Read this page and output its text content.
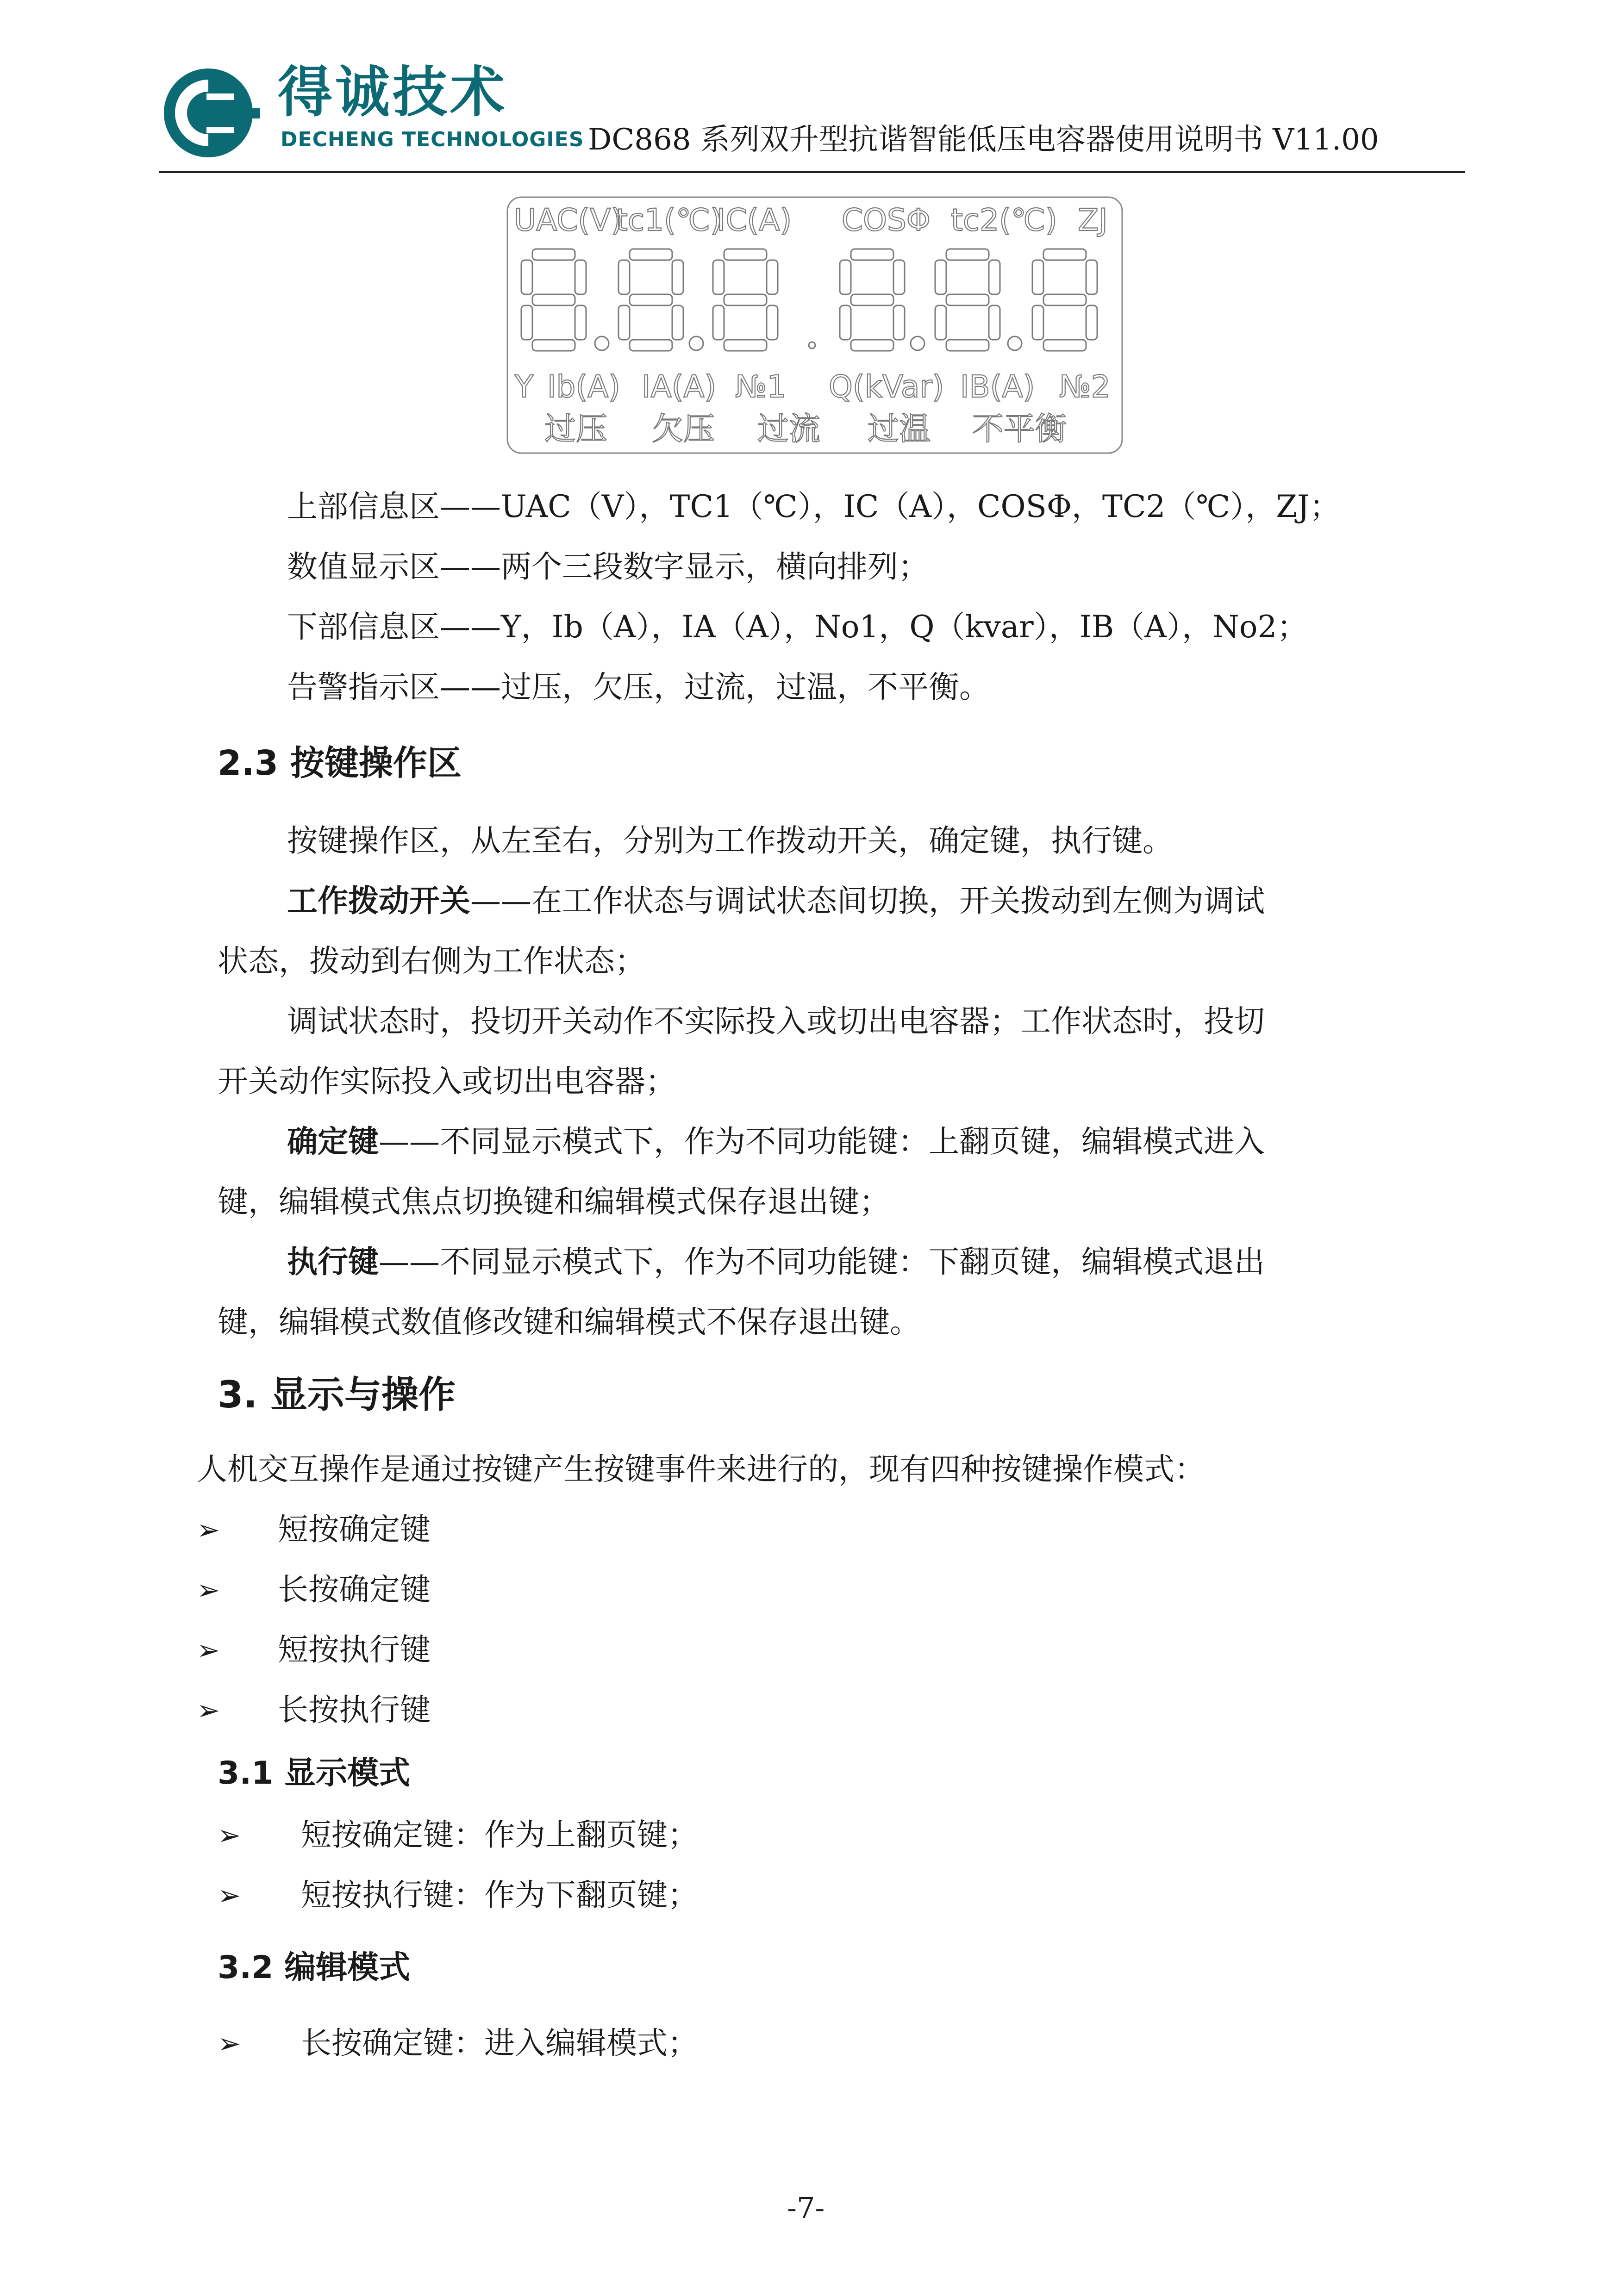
得诚技术
DECHENG TECHNOLOGIES DC868 系列双升型抗谐智能低压电容器使用说明书 V11.00
UAC(V)
tc1(℃)
IC(A) COSΦ tc2(℃) ZJ
Y Ib(A) IA(A) №1 Q(kVar) IB(A) №2
过压 欠压 过流 过温 不平衡
上部信息区——UAC（V），TC1（℃），IC（A），COSΦ，TC2（℃），ZJ；
数值显示区——两个三段数字显示，横向排列；
下部信息区——Y，Ib（A），IA（A），No1，Q（kvar），IB（A），No2；
告警指示区——过压，欠压，过流，过温，不平衡。
2.3 按键操作区
按键操作区，从左至右，分别为工作拨动开关，确定键，执行键。
工作拨动开关——在工作状态与调试状态间切换，开关拨动到左侧为调试
状态，拨动到右侧为工作状态；
调试状态时，投切开关动作不实际投入或切出电容器；工作状态时，投切
开关动作实际投入或切出电容器；
确定键——不同显示模式下，作为不同功能键：上翻页键，编辑模式进入
键，编辑模式焦点切换键和编辑模式保存退出键；
执行键——不同显示模式下，作为不同功能键：下翻页键，编辑模式退出
键，编辑模式数值修改键和编辑模式不保存退出键。
3. 显示与操作
人机交互操作是通过按键产生按键事件来进行的，现有四种按键操作模式：
➢ 短按确定键
➢ 长按确定键
➢ 短按执行键
➢ 长按执行键
3.1 显示模式
➢ 短按确定键：作为上翻页键；
➢ 短按执行键：作为下翻页键；
3.2 编辑模式
➢ 长按确定键：进入编辑模式；
-7-
